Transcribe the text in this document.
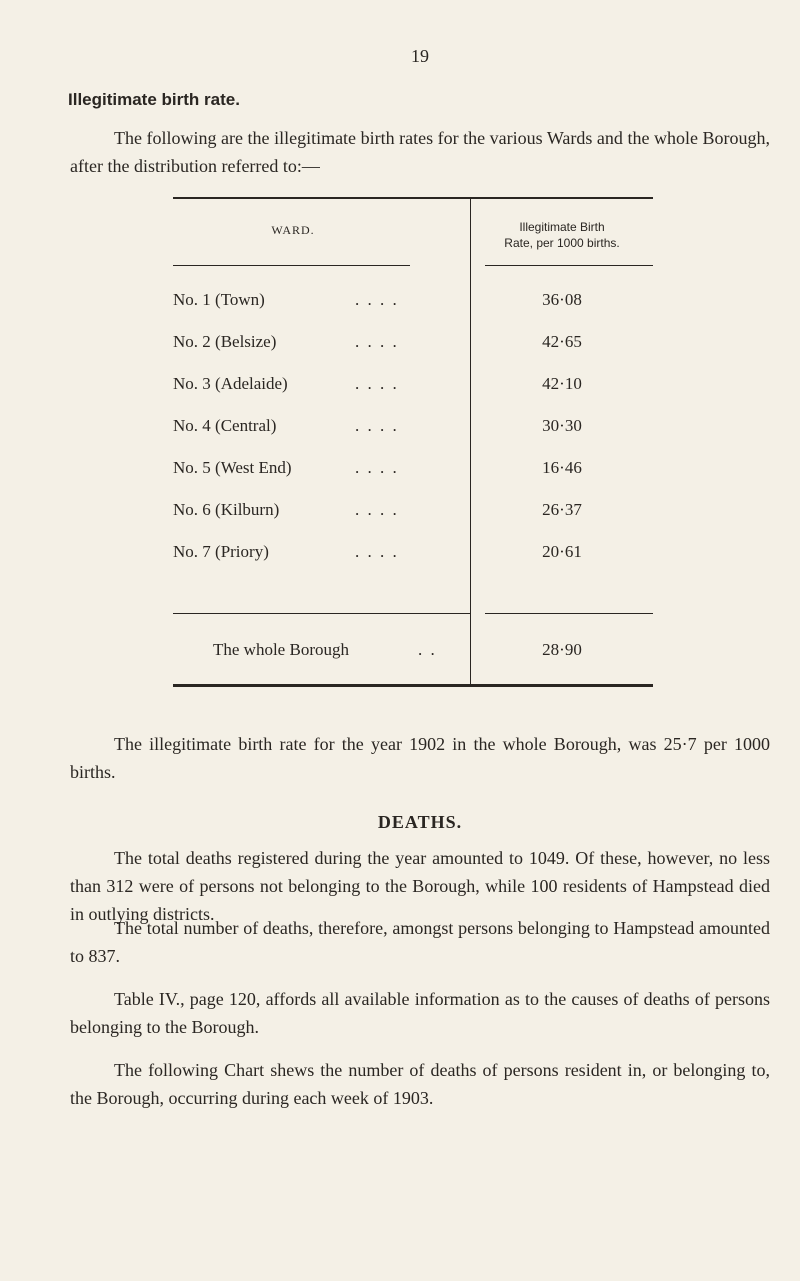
19
Illegitimate birth rate.

The following are the illegitimate birth rates for the various Wards and the whole Borough, after the distribution referred to:—

WARD.	Illegitimate Birth
Rate, per 1000 births.
No. 1 (Town)	. . . .	36·08
No. 2 (Belsize)	. . . .	42·65
No. 3 (Adelaide)	. . . .	42·10
No. 4 (Central)	. . . .	30·30
No. 5 (West End)	. . . .	16·46
No. 6 (Kilburn)	. . . .	26·37
No. 7 (Priory)	. . . .	20·61
The whole Borough	. .	28·90

The illegitimate birth rate for the year 1902 in the whole Borough, was 25·7 per 1000 births.

DEATHS.

The total deaths registered during the year amounted to 1049. Of these, however, no less than 312 were of persons not belonging to the Borough, while 100 residents of Hampstead died in outlying districts.

The total number of deaths, therefore, amongst persons belonging to Hampstead amounted to 837.

Table IV., page 120, affords all available information as to the causes of deaths of persons belonging to the Borough.

The following Chart shews the number of deaths of persons resident in, or belonging to, the Borough, occurring during each week of 1903.
